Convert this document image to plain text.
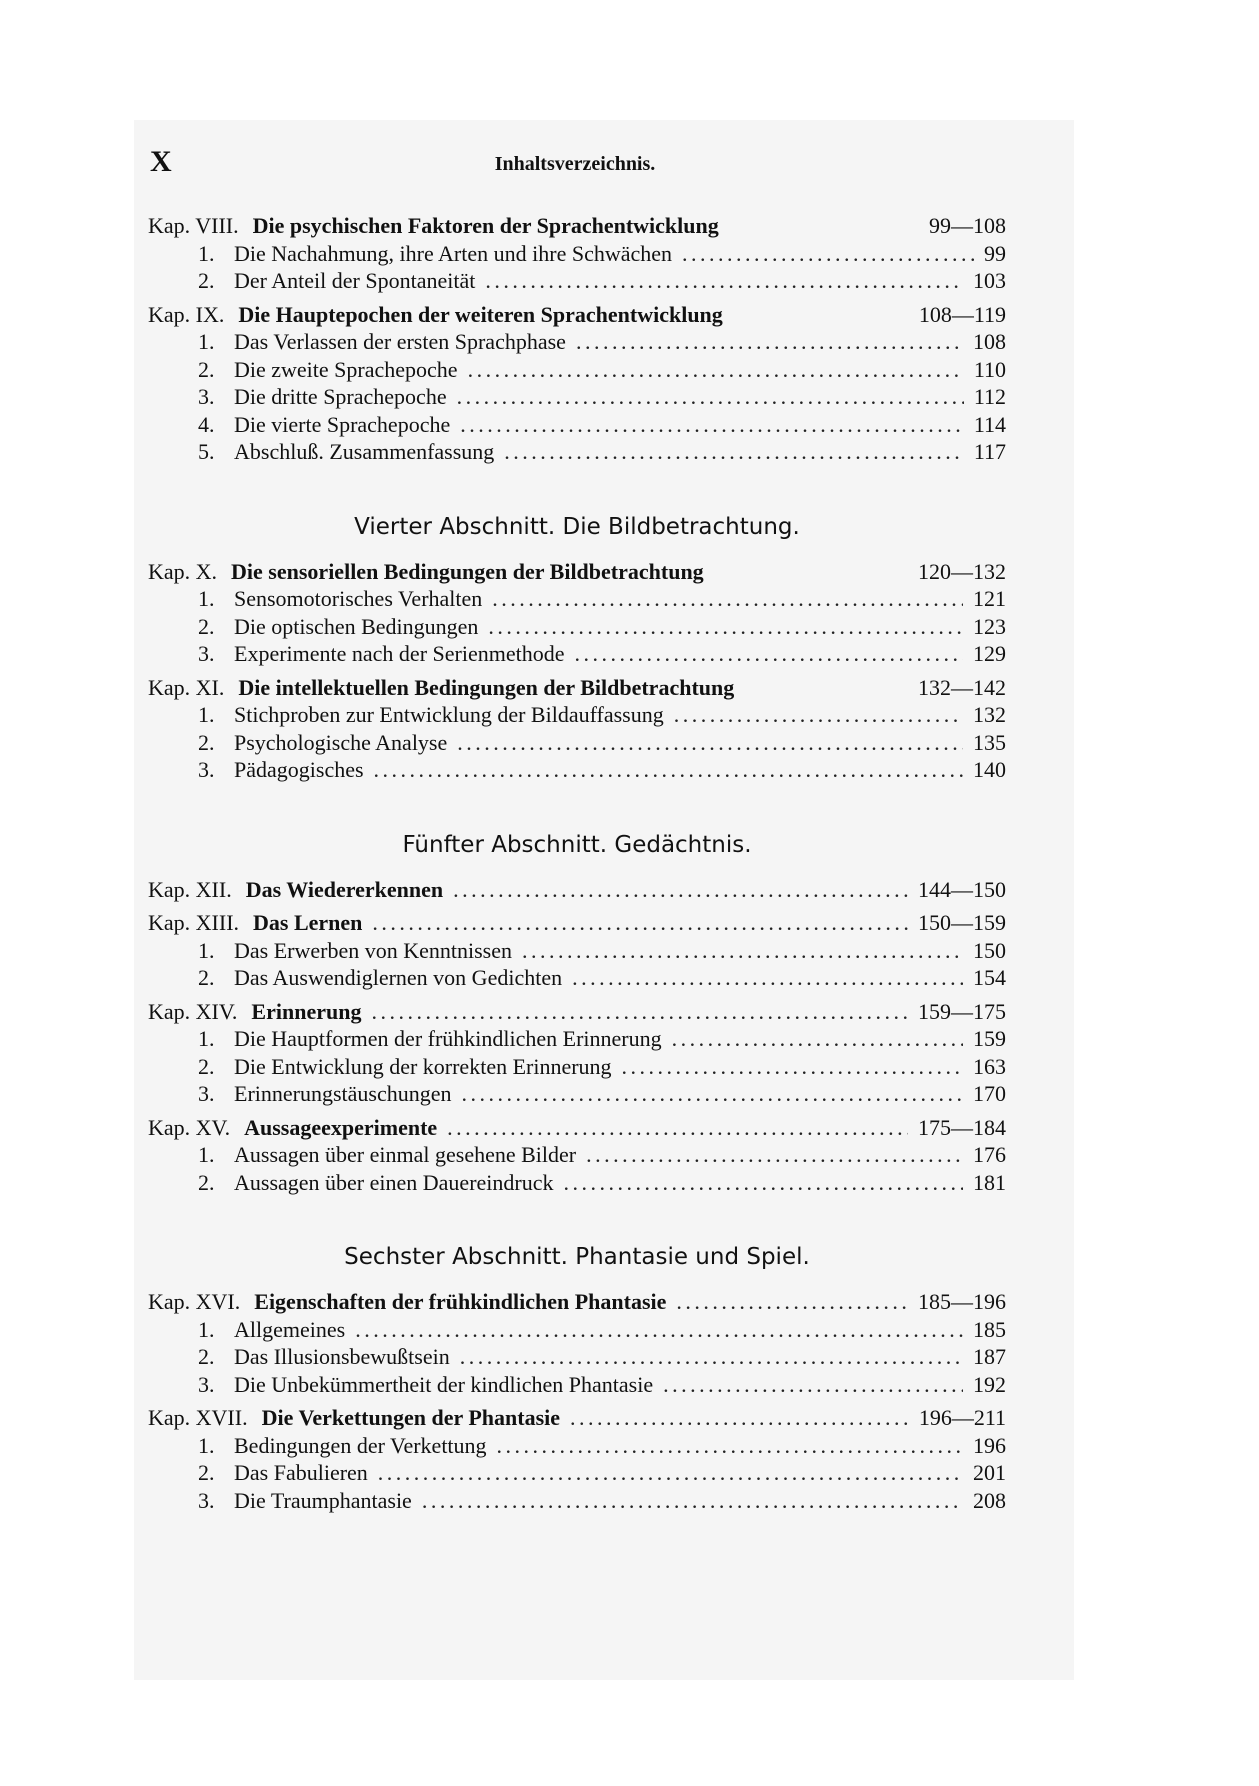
X	Inhaltsverzeichnis.
Kap. VIII. Die psychischen Faktoren der Sprachentwicklung	99—108
1. Die Nachahmung, ihre Arten und ihre Schwächen . . .	99
2. Der Anteil der Spontaneität . . .	103
Kap. IX. Die Hauptepochen der weiteren Sprachentwicklung	108—119
1. Das Verlassen der ersten Sprachphase . . .	108
2. Die zweite Sprachepoche . . .	110
3. Die dritte Sprachepoche . . .	112
4. Die vierte Sprachepoche . . .	114
5. Abschluß. Zusammenfassung . . .	117
Vierter Abschnitt. Die Bildbetrachtung.
Kap. X. Die sensoriellen Bedingungen der Bildbetrachtung	120—132
1. Sensomotorisches Verhalten . . .	121
2. Die optischen Bedingungen . . .	123
3. Experimente nach der Serienmethode . . .	129
Kap. XI. Die intellektuellen Bedingungen der Bildbetrachtung	132—142
1. Stichproben zur Entwicklung der Bildauffassung . . .	132
2. Psychologische Analyse . . .	135
3. Pädagogisches . . .	140
Fünfter Abschnitt. Gedächtnis.
Kap. XII. Das Wiedererkennen . . .	144—150
Kap. XIII. Das Lernen . . .	150—159
1. Das Erwerben von Kenntnissen . . .	150
2. Das Auswendiglernen von Gedichten . . .	154
Kap. XIV. Erinnerung . . .	159—175
1. Die Hauptformen der frühkindlichen Erinnerung . . .	159
2. Die Entwicklung der korrekten Erinnerung . . .	163
3. Erinnerungstäuschungen . . .	170
Kap. XV. Aussageexperimente . . .	175—184
1. Aussagen über einmal gesehene Bilder . . .	176
2. Aussagen über einen Dauereindruck . . .	181
Sechster Abschnitt. Phantasie und Spiel.
Kap. XVI. Eigenschaften der frühkindlichen Phantasie . . .	185—196
1. Allgemeines . . .	185
2. Das Illusionsbewußtsein . . .	187
3. Die Unbekümmertheit der kindlichen Phantasie . . .	192
Kap. XVII. Die Verkettungen der Phantasie . . .	196—211
1. Bedingungen der Verkettung . . .	196
2. Das Fabulieren . . .	201
3. Die Traumphantasie . . .	208
